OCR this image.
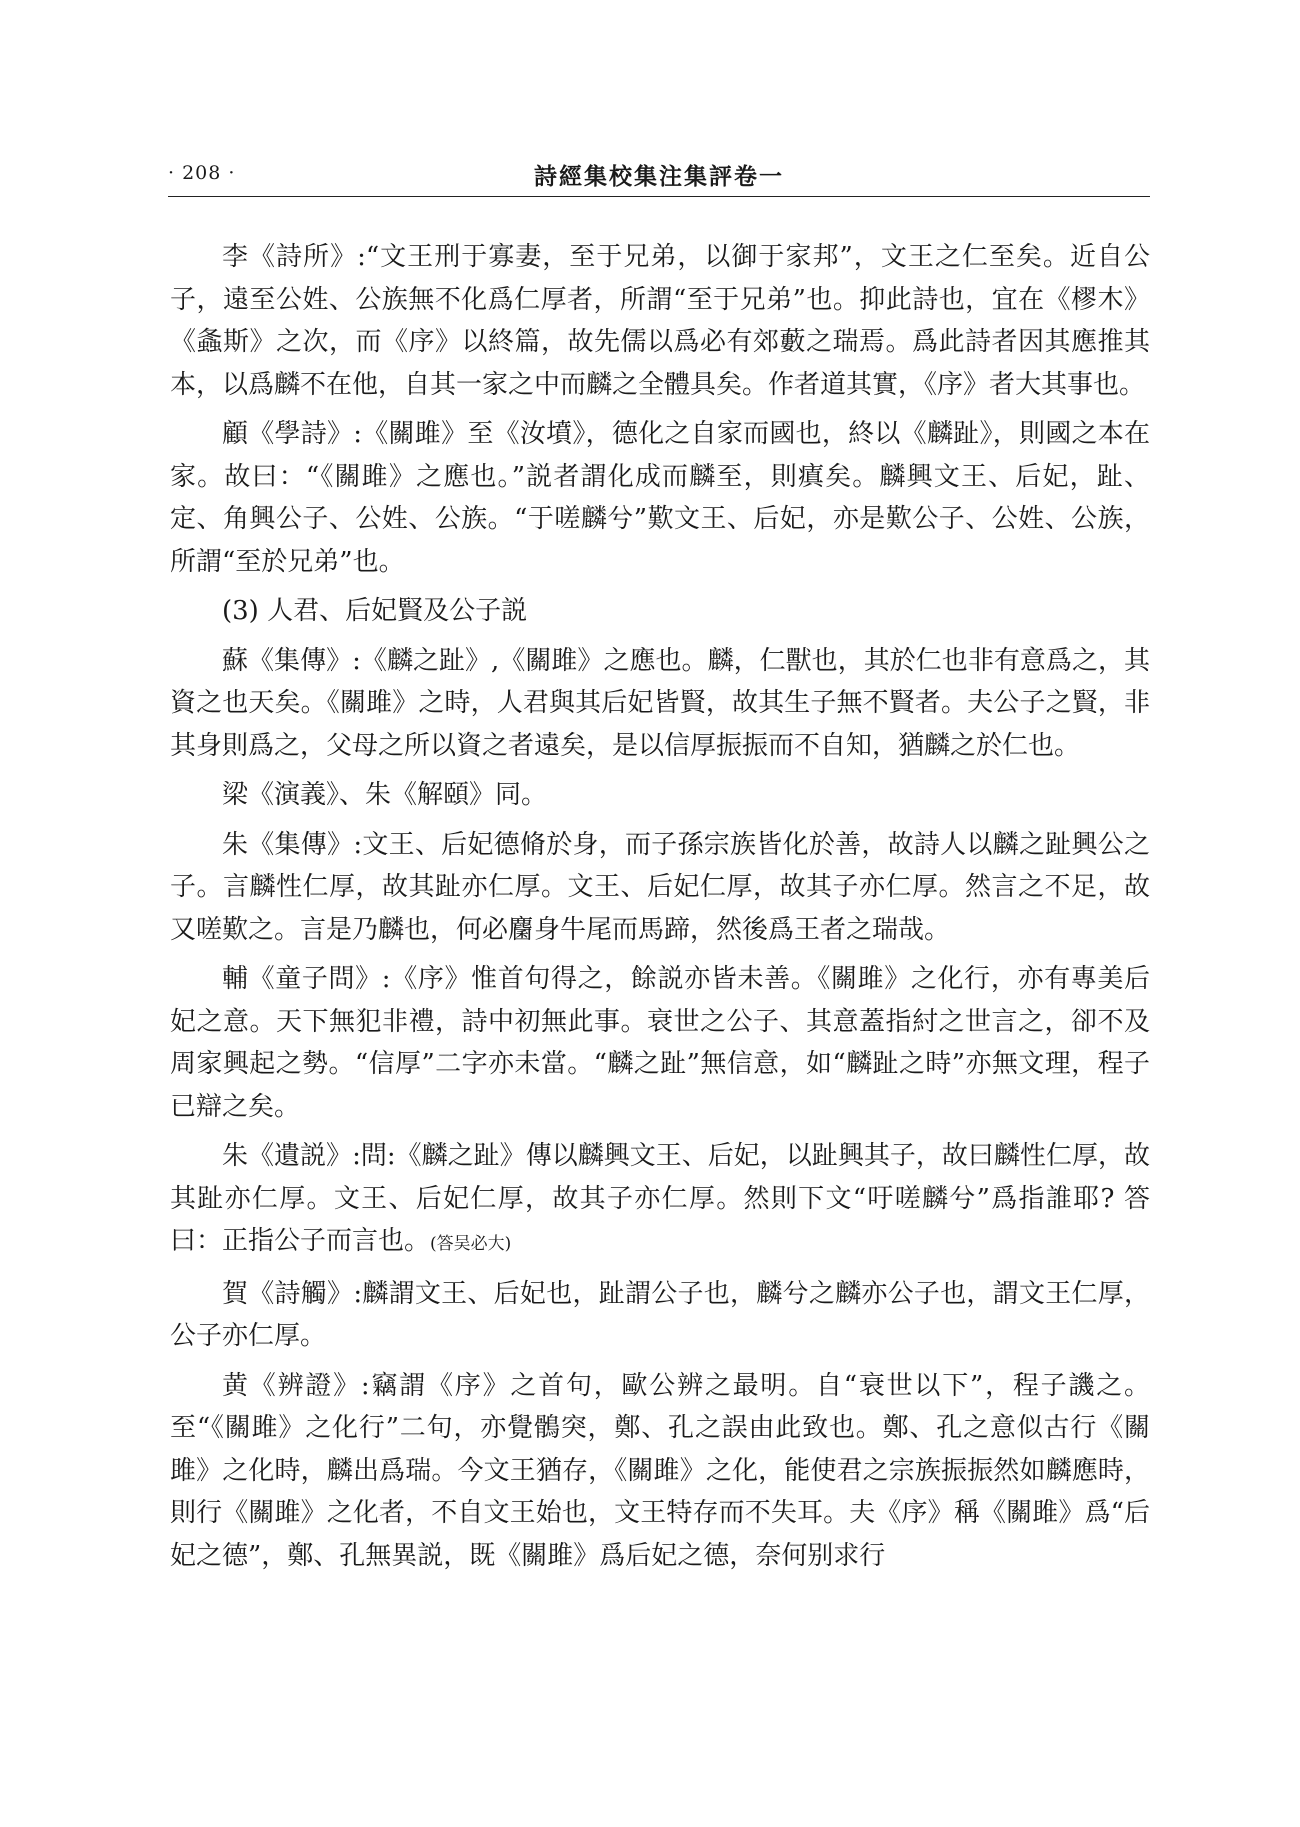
· 208 ·	詩經集校集注集評卷一

李《詩所》:“文王刑于寡妻，至于兄弟，以御于家邦”，文王之仁至矣。近自公子，遠至公姓、公族無不化爲仁厚者，所謂“至于兄弟”也。抑此詩也，宜在《樛木》《螽斯》之次，而《序》以終篇，故先儒以爲必有郊藪之瑞焉。爲此詩者因其應推其本，以爲麟不在他，自其一家之中而麟之全體具矣。作者道其實，《序》者大其事也。

顧《學詩》:《關雎》至《汝墳》，德化之自家而國也，終以《麟趾》，則國之本在家。故曰：“《關雎》之應也。”説者謂化成而麟至，則瘨矣。麟興文王、后妃，趾、定、角興公子、公姓、公族。“于嗟麟兮”歎文王、后妃，亦是歎公子、公姓、公族，所謂“至於兄弟”也。

(3) 人君、后妃賢及公子説

蘇《集傳》:《麟之趾》,《關雎》之應也。麟，仁獸也，其於仁也非有意爲之，其資之也天矣。《關雎》之時，人君與其后妃皆賢，故其生子無不賢者。夫公子之賢，非其身則爲之，父母之所以資之者遠矣，是以信厚振振而不自知，猶麟之於仁也。

梁《演義》、朱《解頤》同。

朱《集傳》:文王、后妃德脩於身，而子孫宗族皆化於善，故詩人以麟之趾興公之子。言麟性仁厚，故其趾亦仁厚。文王、后妃仁厚，故其子亦仁厚。然言之不足，故又嗟歎之。言是乃麟也，何必麕身牛尾而馬蹄，然後爲王者之瑞哉。

輔《童子問》:《序》惟首句得之，餘説亦皆未善。《關雎》之化行，亦有專美后妃之意。天下無犯非禮，詩中初無此事。衰世之公子、其意蓋指紂之世言之，卻不及周家興起之勢。“信厚”二字亦未當。“麟之趾”無信意，如“麟趾之時”亦無文理，程子已辯之矣。

朱《遺説》:問:《麟之趾》傳以麟興文王、后妃，以趾興其子，故曰麟性仁厚，故其趾亦仁厚。文王、后妃仁厚，故其子亦仁厚。然則下文“吁嗟麟兮”爲指誰耶? 答曰：正指公子而言也。(答吴必大)

賀《詩觸》:麟謂文王、后妃也，趾謂公子也，麟兮之麟亦公子也，謂文王仁厚，公子亦仁厚。

黄《辨證》:竊謂《序》之首句，歐公辨之最明。自“衰世以下”，程子譏之。至“《關雎》之化行”二句，亦覺鶻突，鄭、孔之誤由此致也。鄭、孔之意似古行《關雎》之化時，麟出爲瑞。今文王猶存，《關雎》之化，能使君之宗族振振然如麟應時，則行《關雎》之化者，不自文王始也，文王特存而不失耳。夫《序》稱《關雎》爲“后妃之德”，鄭、孔無異説，既《關雎》爲后妃之德，奈何别求行
